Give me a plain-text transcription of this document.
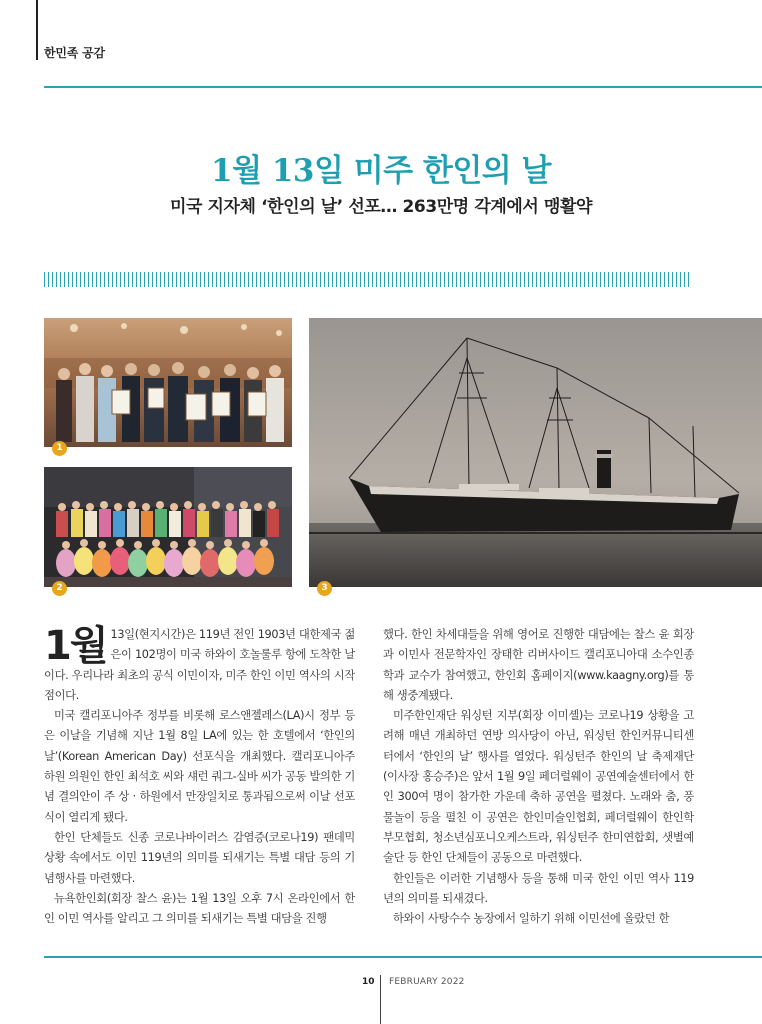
한민족 공감
1월 13일 미주 한인의 날
미국 지자체 ‘한인의 날’ 선포… 263만명 각계에서 맹활약
1
2	3

1월 13일(현지시간)은 119년 전인 1903년 대한제국 젊은이 102명이 미국 하와이 호놀룰루 항에 도착한 날이다. 우리나라 최초의 공식 이민이자, 미주 한인 이민 역사의 시작점이다.

미국 캘리포니아주 정부를 비롯해 로스앤젤레스(LA)시 정부 등은 이날을 기념해 지난 1월 8일 LA에 있는 한 호텔에서 ‘한인의 날’(Korean American Day) 선포식을 개최했다. 캘리포니아주 하원 의원인 한인 최석호 씨와 섀런 쿼그-실바 씨가 공동 발의한 기념 결의안이 주 상 · 하원에서 만장일치로 통과됨으로써 이날 선포식이 열리게 됐다.

한인 단체들도 신종 코로나바이러스 감염증(코로나19) 팬데믹 상황 속에서도 이민 119년의 의미를 되새기는 특별 대담 등의 기념행사를 마련했다.

뉴욕한인회(회장 찰스 윤)는 1월 13일 오후 7시 온라인에서 한인 이민 역사를 알리고 그 의미를 되새기는 특별 대담을 진행

했다. 한인 차세대들을 위해 영어로 진행한 대담에는 찰스 윤 회장과 이민사 전문학자인 장태한 리버사이드 캘리포니아대 소수인종학과 교수가 참여했고, 한인회 홈페이지(www.kaagny.org)를 통해 생중계됐다.

미주한인재단 워싱턴 지부(회장 이미셸)는 코로나19 상황을 고려해 매년 개최하던 연방 의사당이 아닌, 워싱턴 한인커뮤니티센터에서 ‘한인의 날’ 행사를 열었다. 워싱턴주 한인의 날 축제재단(이사장 홍승주)은 앞서 1월 9일 페더럴웨이 공연예술센터에서 한인 300여 명이 참가한 가운데 축하 공연을 펼쳤다. 노래와 춤, 풍물놀이 등을 펼친 이 공연은 한인미술인협회, 페더럴웨이 한인학부모협회, 청소년심포니오케스트라, 워싱턴주 한미연합회, 샛별예술단 등 한인 단체들이 공동으로 마련했다.

한인들은 이러한 기념행사 등을 통해 미국 한인 이민 역사 119년의 의미를 되새겼다.

하와이 사탕수수 농장에서 일하기 위해 이민선에 올랐던 한

10 FEBRUARY 2022
